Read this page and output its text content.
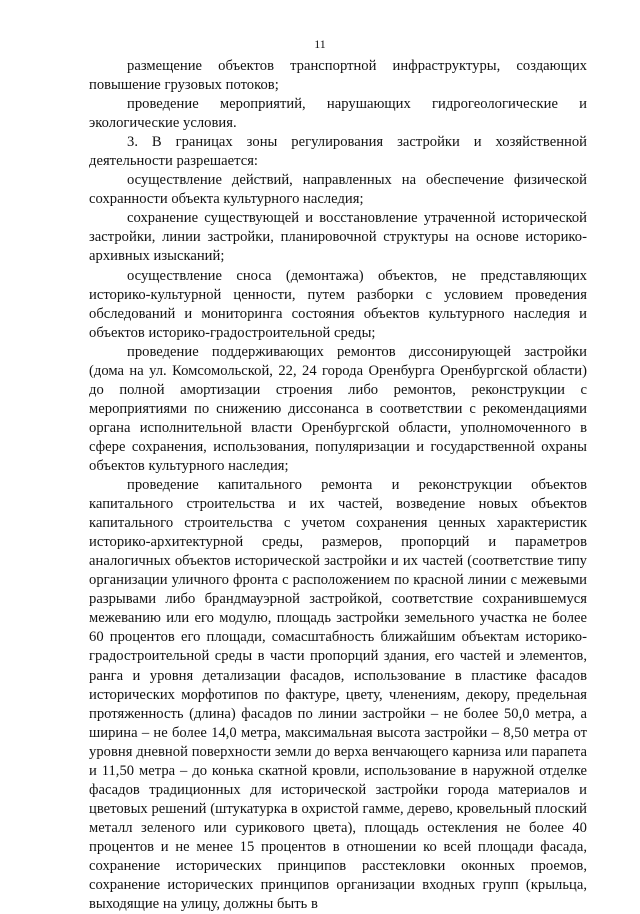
11

размещение объектов транспортной инфраструктуры, создающих повышение грузовых потоков;

проведение мероприятий, нарушающих гидрогеологические и экологические условия.

3. В границах зоны регулирования застройки и хозяйственной деятельности разрешается:

осуществление действий, направленных на обеспечение физической сохранности объекта культурного наследия;

сохранение существующей и восстановление утраченной исторической застройки, линии застройки, планировочной структуры на основе историко-архивных изысканий;

осуществление сноса (демонтажа) объектов, не представляющих историко-культурной ценности, путем разборки с условием проведения обследований и мониторинга состояния объектов культурного наследия и объектов историко-градостроительной среды;

проведение поддерживающих ремонтов диссонирующей застройки (дома на ул. Комсомольской, 22, 24 города Оренбурга Оренбургской области) до полной амортизации строения либо ремонтов, реконструкции с мероприятиями по снижению диссонанса в соответствии с рекомендациями органа исполнительной власти Оренбургской области, уполномоченного в сфере сохранения, использования, популяризации и государственной охраны объектов культурного наследия;

проведение капитального ремонта и реконструкции объектов капитального строительства и их частей, возведение новых объектов капитального строительства с учетом сохранения ценных характеристик историко-архитектурной среды, размеров, пропорций и параметров аналогичных объектов исторической застройки и их частей (соответствие типу организации уличного фронта с расположением по красной линии с межевыми разрывами либо брандмауэрной застройкой, соответствие сохранившемуся межеванию или его модулю, площадь застройки земельного участка не более 60 процентов его площади, сомасштабность ближайшим объектам историко-градостроительной среды в части пропорций здания, его частей и элементов, ранга и уровня детализации фасадов, использование в пластике фасадов исторических морфотипов по фактуре, цвету, членениям, декору, предельная протяженность (длина) фасадов по линии застройки – не более 50,0 метра, а ширина – не более 14,0 метра, максимальная высота застройки – 8,50 метра от уровня дневной поверхности земли до верха венчающего карниза или парапета и 11,50 метра – до конька скатной кровли, использование в наружной отделке фасадов традиционных для исторической застройки города материалов и цветовых решений (штукатурка в охристой гамме, дерево, кровельный плоский металл зеленого или сурикового цвета), площадь остекления не более 40 процентов и не менее 15 процентов в отношении ко всей площади фасада, сохранение исторических принципов расстекловки оконных проемов, сохранение исторических принципов организации входных групп (крыльца, выходящие на улицу, должны быть в
